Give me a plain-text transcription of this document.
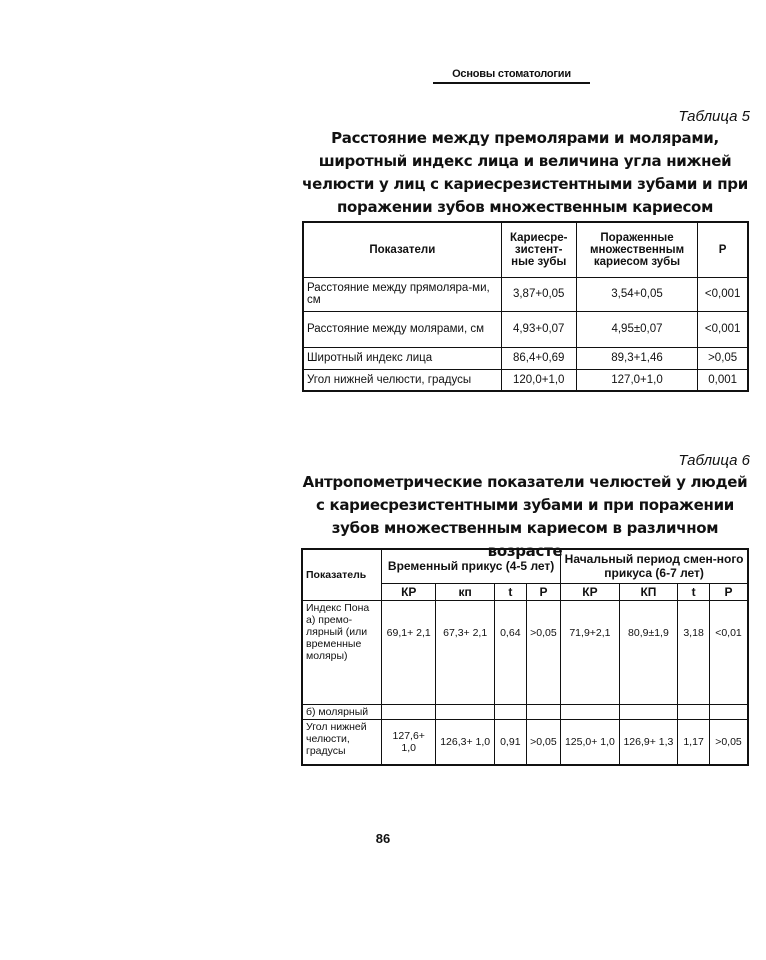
Основы стоматологии
Таблица 5
Расстояние между премолярами и молярами, широтный индекс лица и величина угла нижней челюсти у лиц с кариесрезистентными зубами и при поражении зубов множественным кариесом
Показатели	Кариесре-зистент-ные зубы	Пораженные множественным кариесом зубы	P
Расстояние между прямоляра-ми, см	3,87+0,05	3,54+0,05	<0,001
Расстояние между молярами, см	4,93+0,07	4,95±0,07	<0,001
Широтный индекс лица	86,4+0,69	89,3+1,46	>0,05
Угол нижней челюсти, градусы	120,0+1,0	127,0+1,0	0,001
Таблица 6
Антропометрические показатели челюстей у людей с кариесрезистентными зубами и при поражении зубов множественным кариесом в различном возрасте
Показатель	Временный прикус (4-5 лет)				Начальный период смен-ного прикуса (6-7 лет)			
	КР	кп	t	P	КР	КП	t	P
Индекс Пона а) премо-лярный (или временные моляры)	69,1+ 2,1	67,3+ 2,1	0,64	>0,05	71,9+2,1	80,9±1,9	3,18	<0,01
б) молярный								
Угол нижней челюсти, градусы	127,6+ 1,0	126,3+ 1,0	0,91	>0,05	125,0+ 1,0	126,9+ 1,3	1,17	>0,05
86
